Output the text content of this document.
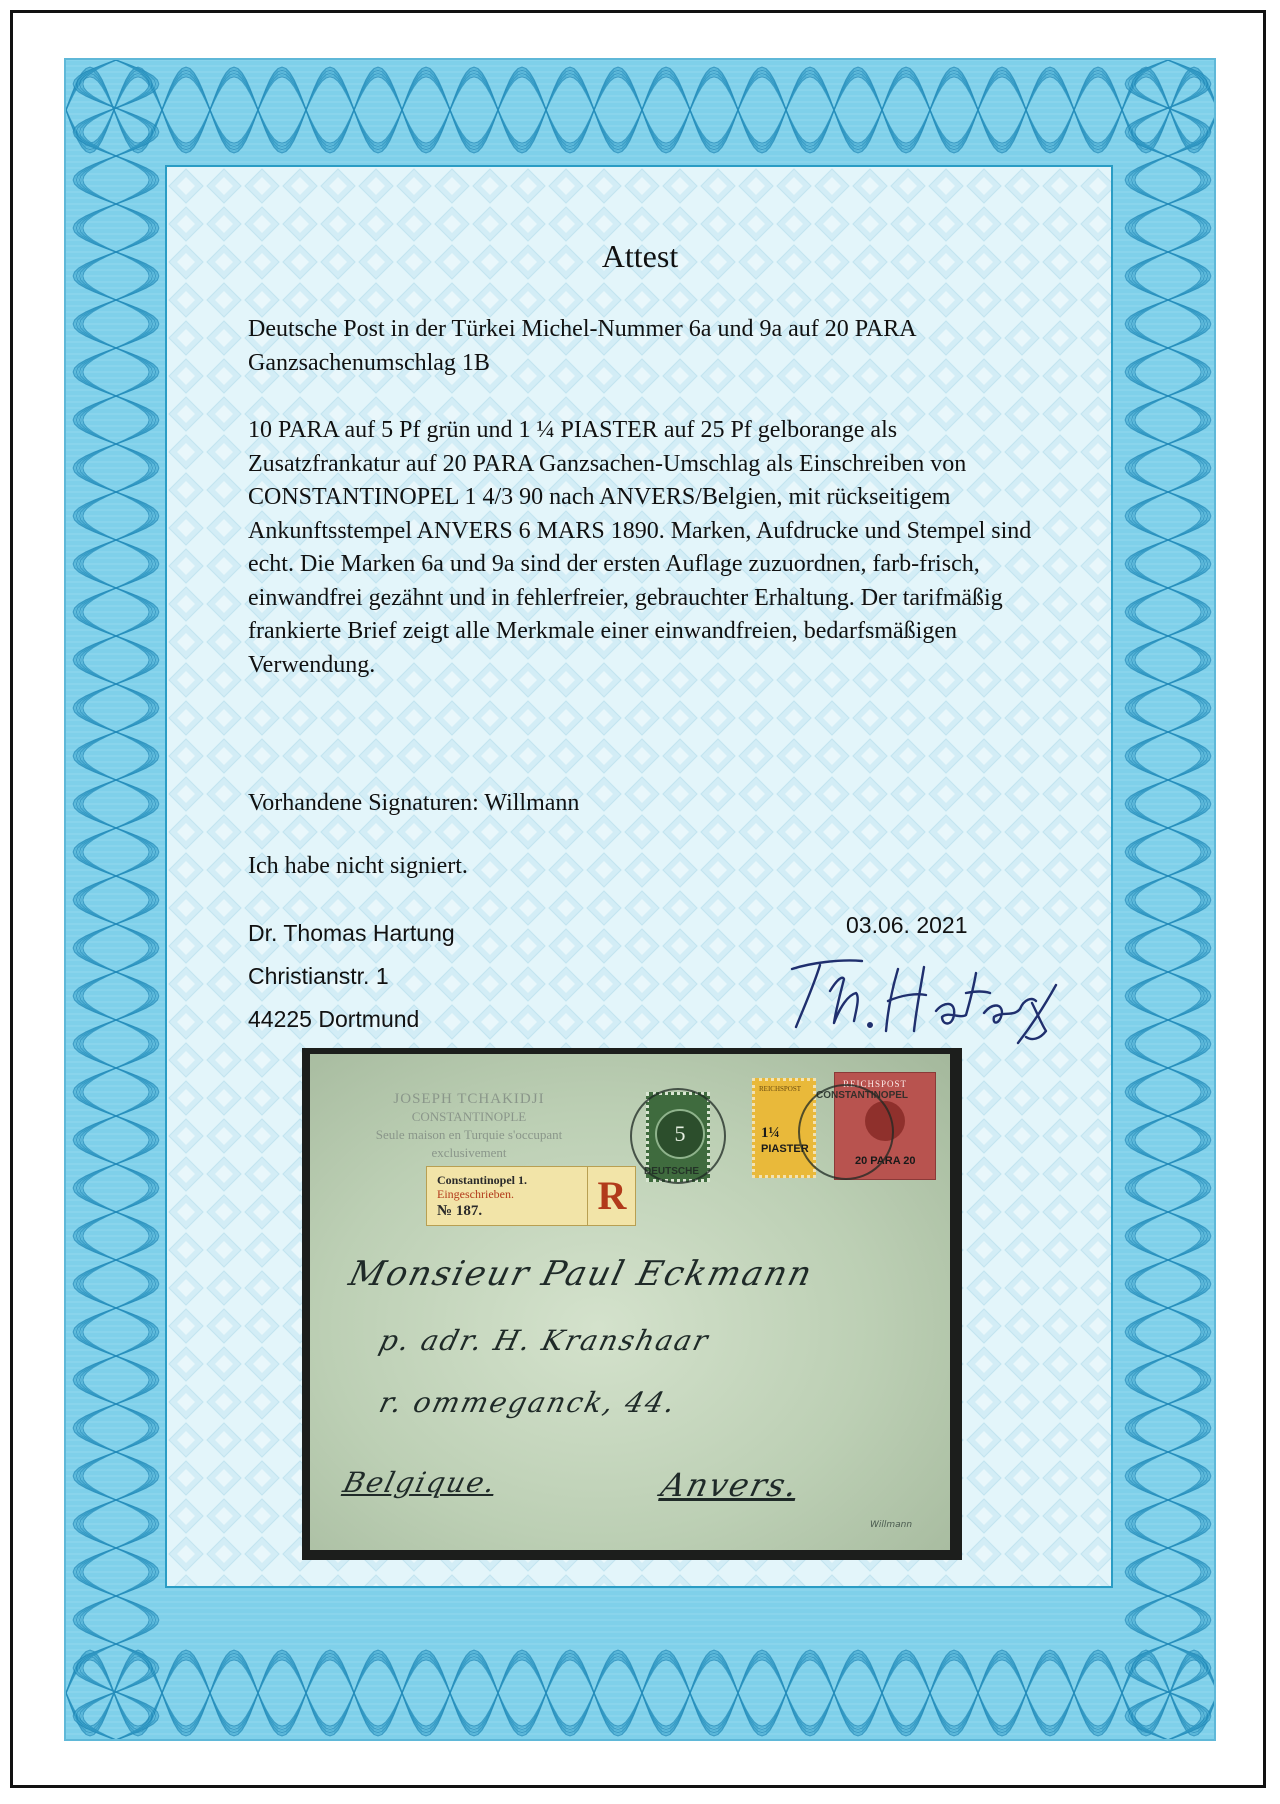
Attest

Deutsche Post in der Türkei Michel-Nummer 6a und 9a auf 20 PARA Ganzsachenumschlag 1B

10 PARA auf 5 Pf grün und 1 ¼ PIASTER auf 25 Pf gelborange als Zusatzfrankatur auf 20 PARA Ganzsachen-Umschlag als Einschreiben von CONSTANTINOPEL 1 4/3 90 nach ANVERS/Belgien, mit rückseitigem Ankunftsstempel ANVERS 6 MARS 1890. Marken, Aufdrucke und Stempel sind echt. Die Marken 6a und 9a sind der ersten Auflage zuzuordnen, farb-frisch, einwandfrei gezähnt und in fehlerfreier, gebrauchter Erhaltung. Der tarifmäßig frankierte Brief zeigt alle Merkmale einer einwandfreien, bedarfsmäßigen Verwendung.

Vorhandene Signaturen: Willmann

Ich habe nicht signiert.

Dr. Thomas Hartung
Christianstr. 1
44225 Dortmund
03.06. 2021
JOSEPH TCHAKIDJI
CONSTANTINOPLE
Seule maison en Turquie s'occupant
exclusivement
Constantinopel 1.
Eingeschrieben.
№ 187.	R
5
REICHSPOST
1¼
PIASTER
REICHSPOST
20 PARA 20
DEUTSCHE
CONSTANTINOPEL
Monsieur Paul Eckmann
p. adr. H. Kranshaar
r. ommeganck, 44.
Belgique.	Anvers.
Willmann
